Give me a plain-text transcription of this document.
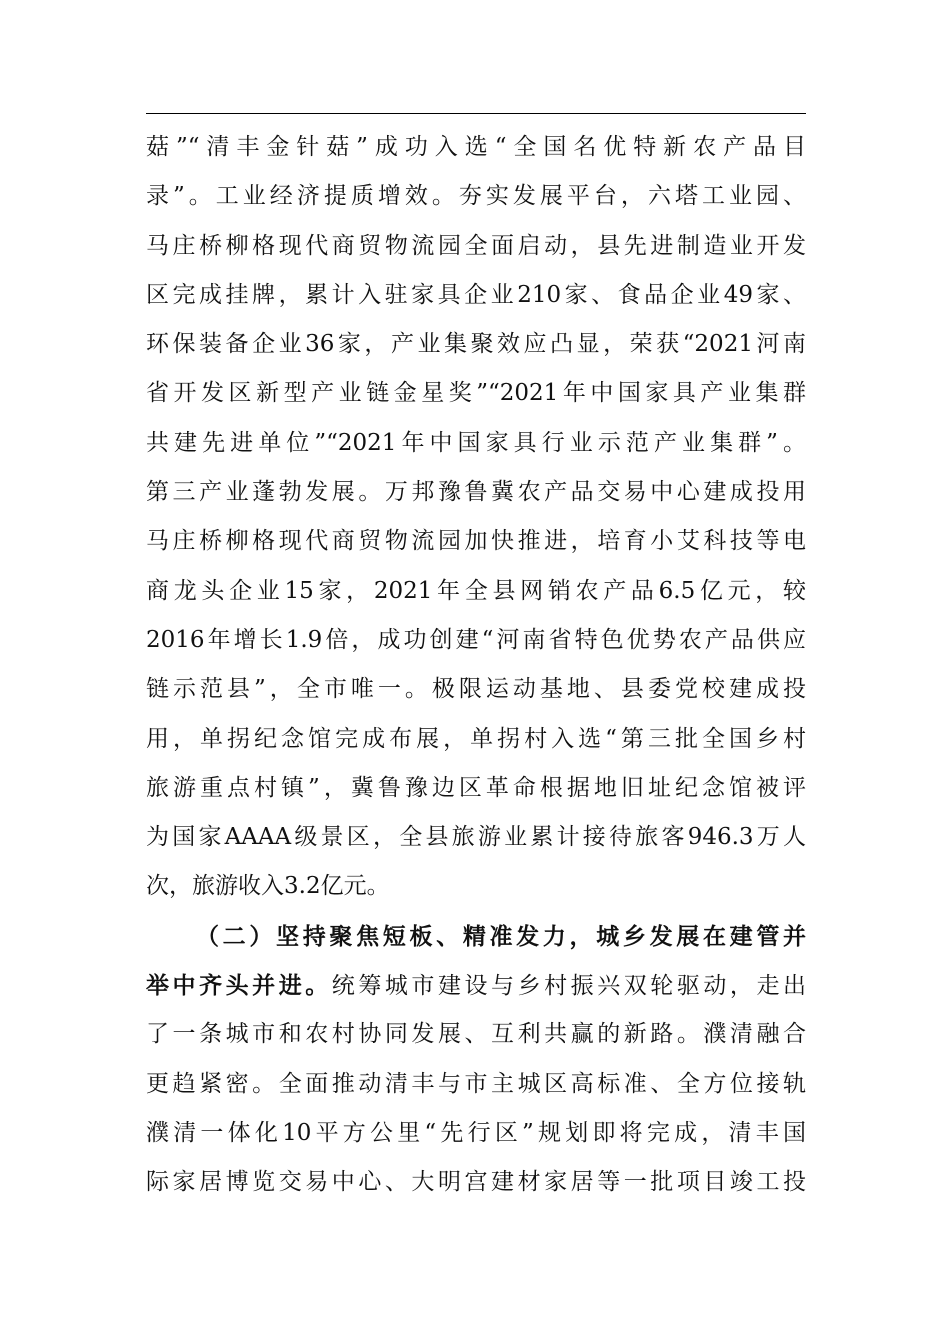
菇”“清丰金针菇”成功入选“全国名优特新农产品目
录”。工业经济提质增效。夯实发展平台，六塔工业园、
马庄桥柳格现代商贸物流园全面启动，县先进制造业开发
区完成挂牌，累计入驻家具企业210家、食品企业49家、
环保装备企业36家，产业集聚效应凸显，荣获“2021河南
省开发区新型产业链金星奖”“2021年中国家具产业集群
共建先进单位”“2021年中国家具行业示范产业集群”。
第三产业蓬勃发展。万邦豫鲁冀农产品交易中心建成投用
马庄桥柳格现代商贸物流园加快推进，培育小艾科技等电
商龙头企业15家，2021年全县网销农产品6.5亿元，较
2016年增长1.9倍，成功创建“河南省特色优势农产品供应
链示范县”，全市唯一。极限运动基地、县委党校建成投
用，单拐纪念馆完成布展，单拐村入选“第三批全国乡村
旅游重点村镇”，冀鲁豫边区革命根据地旧址纪念馆被评
为国家AAAA级景区，全县旅游业累计接待旅客946.3万人
次，旅游收入3.2亿元。
（二）坚持聚焦短板、精准发力，城乡发展在建管并
举中齐头并进。统筹城市建设与乡村振兴双轮驱动，走出
了一条城市和农村协同发展、互利共赢的新路。濮清融合
更趋紧密。全面推动清丰与市主城区高标准、全方位接轨
濮清一体化10平方公里“先行区”规划即将完成，清丰国
际家居博览交易中心、大明宫建材家居等一批项目竣工投
